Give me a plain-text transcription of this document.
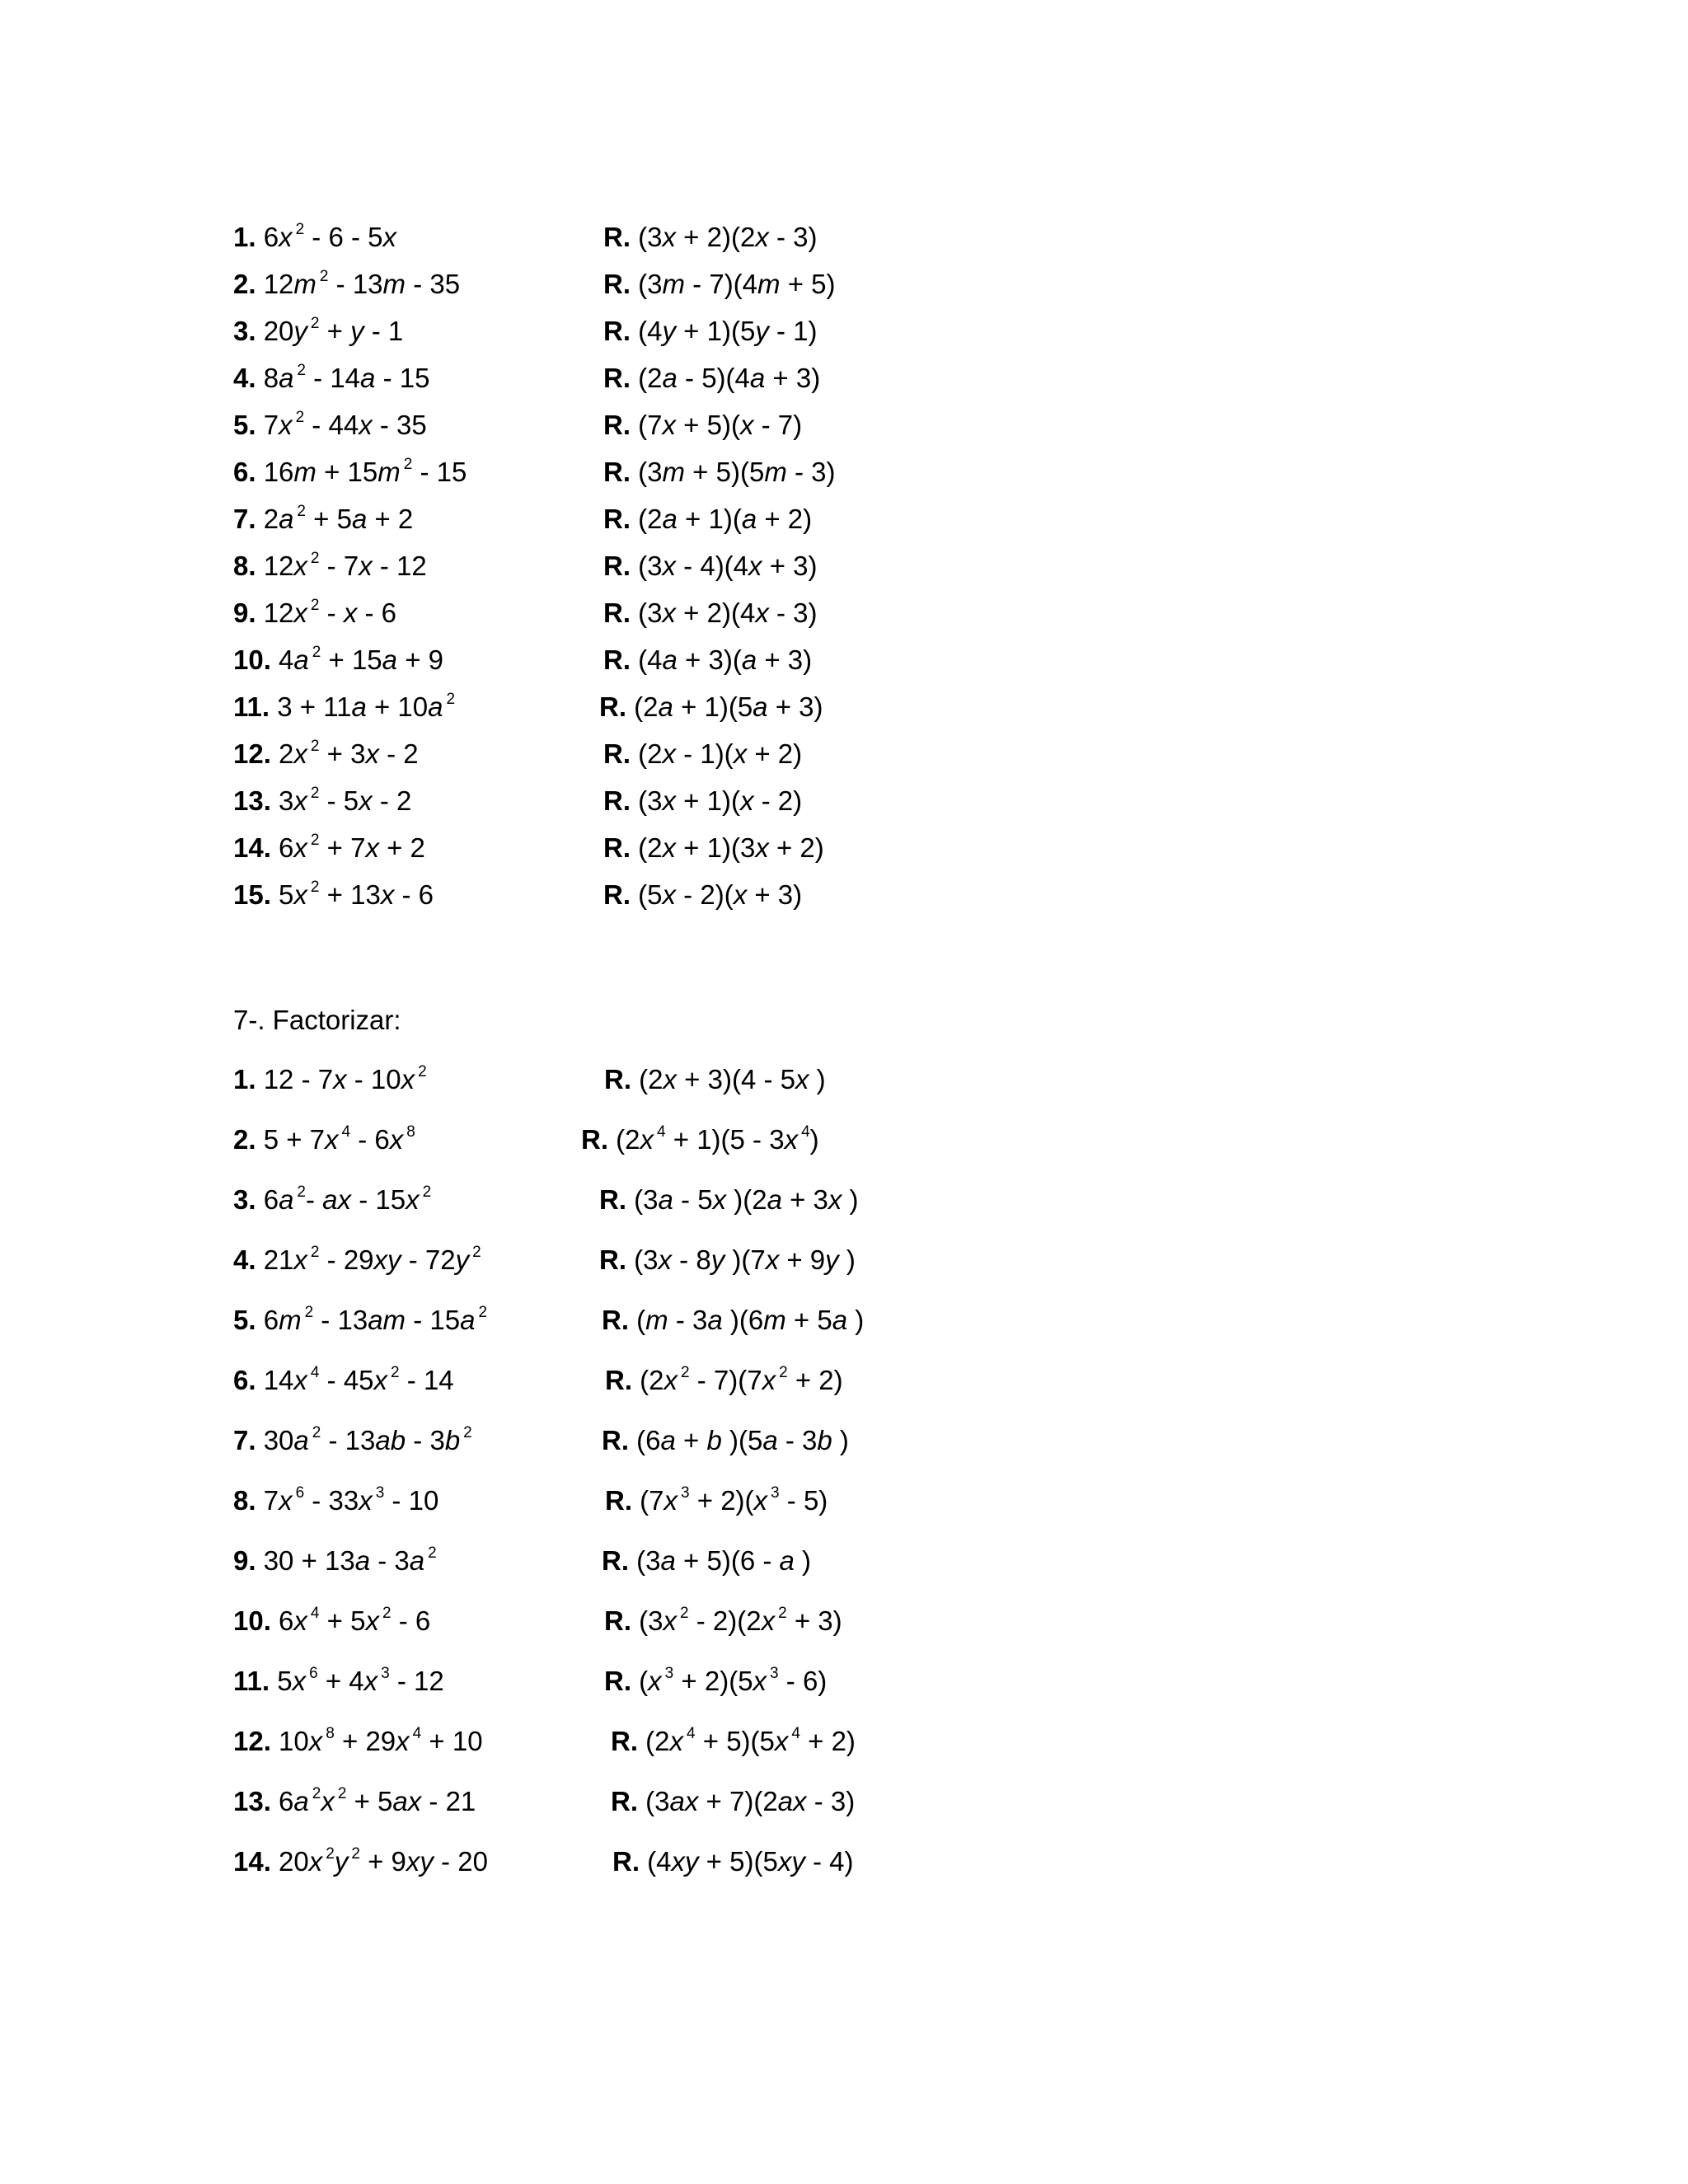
1. 6x $^2$ - 6 - 5x	R. (3x + 2)(2x - 3)
2. 12m $^2$ - 13m - 35	R. (3m - 7)(4m + 5)
3. 20y $^2$ + y - 1	R. (4y + 1)(5y - 1)
4. 8a $^2$ - 14a - 15	R. (2a - 5)(4a + 3)
5. 7x $^2$ - 44x - 35	R. (7x + 5)(x - 7)
6. 16m + 15m $^2$ - 15	R. (3m + 5)(5m - 3)
7. 2a $^2$ + 5a + 2	R. (2a + 1)(a + 2)
8. 12x $^2$ - 7x - 12	R. (3x - 4)(4x + 3)
9. 12x $^2$ - x - 6	R. (3x + 2)(4x - 3)
10. 4a $^2$ + 15a + 9	R. (4a + 3)(a + 3)
11. 3 + 11a + 10a $^2$	R. (2a + 1)(5a + 3)
12. 2x $^2$ + 3x - 2	R. (2x - 1)(x + 2)
13. 3x $^2$ - 5x - 2	R. (3x + 1)(x - 2)
14. 6x $^2$ + 7x + 2	R. (2x + 1)(3x + 2)
15. 5x $^2$ + 13x - 6	R. (5x - 2)(x + 3)
7-. Factorizar:
1. 12 - 7x - 10x $^2$	R. (2x + 3)(4 - 5x )
2. 5 + 7x $^4$ - 6x $^8$	R. (2x $^4$ + 1)(5 - 3x $^4$)
3. 6a $^2$- ax - 15x $^2$	R. (3a - 5x )(2a + 3x )
4. 21x $^2$ - 29xy - 72y $^2$	R. (3x - 8y )(7x + 9y )
5. 6m $^2$ - 13am - 15a $^2$	R. (m - 3a )(6m + 5a )
6. 14x $^4$ - 45x $^2$ - 14	R. (2x $^2$ - 7)(7x $^2$ + 2)
7. 30a $^2$ - 13ab - 3b $^2$	R. (6a + b )(5a - 3b )
8. 7x $^6$ - 33x $^3$ - 10	R. (7x $^3$ + 2)(x $^3$ - 5)
9. 30 + 13a - 3a $^2$	R. (3a + 5)(6 - a )
10. 6x $^4$ + 5x $^2$ - 6	R. (3x $^2$ - 2)(2x $^2$ + 3)
11. 5x $^6$ + 4x $^3$ - 12	R. (x $^3$ + 2)(5x $^3$ - 6)
12. 10x $^8$ + 29x $^4$ + 10	R. (2x $^4$ + 5)(5x $^4$ + 2)
13. 6a $^2$x $^2$ + 5ax - 21	R. (3ax + 7)(2ax - 3)
14. 20x $^2$y $^2$ + 9xy - 20	R. (4xy + 5)(5xy - 4)
